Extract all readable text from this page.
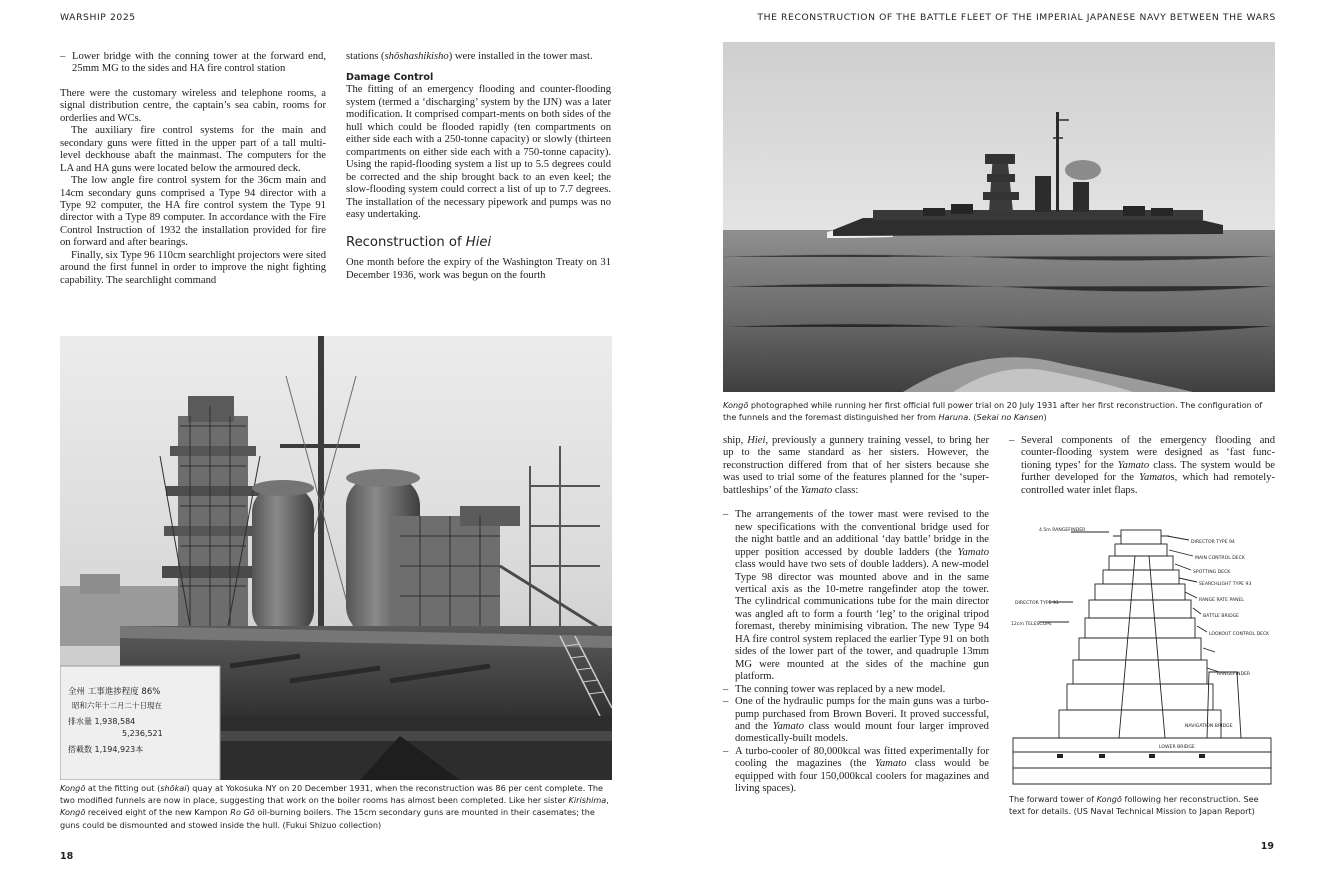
WARSHIP 2025	THE RECONSTRUCTION OF THE BATTLE FLEET OF THE IMPERIAL JAPANESE NAVY BETWEEN THE WARS
– Lower bridge with the conning tower at the forward end, 25mm MG to the sides and HA fire control station

There were the customary wireless and telephone rooms, a signal distribution centre, the captain’s sea cabin, rooms for orderlies and WCs.

The auxiliary fire control systems for the main and secondary guns were fitted in the upper part of a tall multi-level deckhouse abaft the mainmast. The computers for the LA and HA guns were located below the armoured deck.

The low angle fire control system for the 36cm main and 14cm secondary guns comprised a Type 94 director with a Type 92 computer, the HA fire control system the Type 91 director with a Type 89 computer. In accordance with the Fire Control Instruction of 1932 the installation provided for fire on forward and after bearings.

Finally, six Type 96 110cm searchlight projectors were sited around the first funnel in order to improve the night fighting capability. The searchlight command

stations (shōshashikisho) were installed in the tower mast.

Damage Control

The fitting of an emergency flooding and counter-flooding system (termed a ‘discharging’ system by the IJN) was a later modification. It comprised compart-ments on both sides of the hull which could be flooded rapidly (ten compartments on either side each with a 250-tonne capacity) or slowly (thirteen compartments on either side each with a 750-tonne capacity). Using the rapid-flooding system a list up to 5.5 degrees could be corrected and the ship brought back to an even keel; the slow-flooding system could correct a list of up to 7.7 degrees. The installation of the necessary pipework and pumps was no easy undertaking.

Reconstruction of Hiei

One month before the expiry of the Washington Treaty on 31 December 1936, work was begun on the fourth

全州 工事進捗程度 86%
昭和六年十二月二十日現在
排水量 1,938,584
5,236,521
搭載数 1,194,923本
Kongō at the fitting out (shōkai) quay at Yokosuka NY on 20 December 1931, when the reconstruction was 86 per cent complete. The two modified funnels are now in place, suggesting that work on the boiler rooms has almost been completed. Like her sister Kirishima, Kongō received eight of the new Kampon Ro Gō oil-burning boilers. The 15cm secondary guns are mounted in their casemates; the guns could be dismounted and stowed inside the hull. (Fukui Shizuo collection)
18
Kongō photographed while running her first official full power trial on 20 July 1931 after her first reconstruction. The configuration of the funnels and the foremast distinguished her from Haruna. (Sekai no Kansen)

ship, Hiei, previously a gunnery training vessel, to bring her up to the same standard as her sisters. However, the reconstruction differed from that of her sisters because she was used to trial some of the features planned for the ‘super-battleships’ of the Yamato class:

– The arrangements of the tower mast were revised to the new specifications with the conventional bridge used for the night battle and an additional ‘day battle’ bridge in the upper position accessed by double ladders (the Yamato class would have two sets of double ladders). A new-model Type 98 director was mounted above and in the same vertical axis as the 10-metre rangefinder atop the tower. The cylindrical communications tube for the main director was angled aft to form a fourth ‘leg’ to the original tripod foremast, thereby minimising vibration. The new Type 94 HA fire control system replaced the earlier Type 91 on both sides of the lower part of the tower, and quadruple 13mm MG were mounted at the sides of the machine gun platform.
– The conning tower was replaced by a new model.
– One of the hydraulic pumps for the main guns was a turbo-pump purchased from Brown Boveri. It proved successful, and the Yamato class would mount four larger improved domestically-built models.
– A turbo-cooler of 80,000kcal was fitted experimentally for cooling the magazines (the Yamato class would be equipped with four 150,000kcal coolers for magazines and living spaces).
– Several components of the emergency flooding and counter-flooding system were designed as ‘fast func-tioning types’ for the Yamato class. The system would be further developed for the Yamatos, which had remotely-controlled water inlet flaps.
4.5m RANGEFINDER
DIRECTOR TYPE 94
MAIN CONTROL DECK
SPOTTING DECK
SEARCHLIGHT TYPE 93
RANGE RATE PANEL
DIRECTOR TYPE 91
BATTLE BRIDGE
LOOKOUT CONTROL DECK
NAVIGATION BRIDGE
LOWER BRIDGE
12cm TELESCOPE
RANGEFINDER
The forward tower of Kongō following her reconstruction. See text for details. (US Naval Technical Mission to Japan Report)
19
